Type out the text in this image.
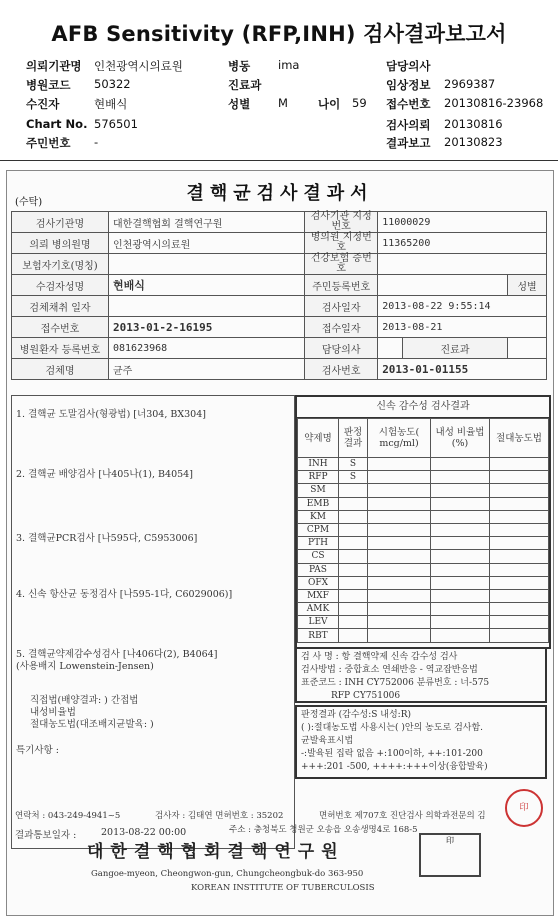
AFB Sensitivity (RFP,INH) 검사결과보고서
의뢰기관명 인천광역시의료원	병동 ima	담당의사
병원코드 50322	진료과	임상정보 2969387
수진자	현배식	성별 M	나이 59 접수번호 20130816-23968
Chart No. 576501	검사의뢰 20130816
주민번호 -	결과보고 20130823
(수탁)	결핵균검사결과서
검사기관명	대한결핵협회 결핵연구원	검사기관 지정번호	11000029		
의뢰 병의원명	인천광역시의료원	병의원 지정번호	11365200		
보험자기호(명칭)		건강보험 증번호			
수검자성명	현배식	주민등록번호			성별
검체채취 일자		검사일자	2013-08-22 9:55:14		
접수번호	2013-01-2-16195	접수일자	2013-08-21		
병원환자 등록번호	081623968	담당의사		진료과	
검체명	균주	검사번호	2013-01-01155		
1. 결핵균 도말검사(형광법) [너304, BX304]
2. 결핵균 배양검사 [나405나(1), B4054]
3. 결핵균PCR검사 [나595다, C5953006]
4. 신속 항산균 동정검사 [나595-1다, C6029006)]
5. 결핵균약제감수성검사 [나406다(2), B4064]
(사용배지 Lowenstein-Jensen)
직접법(배양결과: ) 간접법
내성비율법
절대농도법(대조배지균발육: )
특기사항 :
신속 감수성 검사결과
약제명	판정 결과	시험농도( mcg/ml)	내성 비율법(%)	절대농도법
INH	S			
RFP	S			
SM				
EMB				
KM				
CPM				
PTH				
CS				
PAS				
OFX				
MXF				
AMK				
LEV				
RBT				
검 사 명 : 항 결핵약제 신속 감수성 검사
검사방법 : 중합효소 연쇄반응 - 역교잡반응법
표준코드 : INH CY752006 분류번호 : 너-575
RFP CY751006
판정결과 (감수성:S 내성:R)
( ):절대농도법 사용시는( )안의 농도로 검사함.
균발육표시법
-:발육된 집락 없음 +:100이하, ++:101-200
+++:201 -500, ++++:+++이상(융합발육)
연락처 : 043-249-4941~5	검사자 : 김태연 면허번호 : 35202	면허번호 제707호 진단검사 의학과전문의 김
결과통보일자 :	2013-08-22 00:00	주소 : 충청북도 청원군 오송읍 오송생명4로 168-5
印
대한결핵협회결핵연구원
印
Gangoe-myeon, Cheongwon-gun, Chungcheongbuk-do 363-950
KOREAN INSTITUTE OF TUBERCULOSIS
